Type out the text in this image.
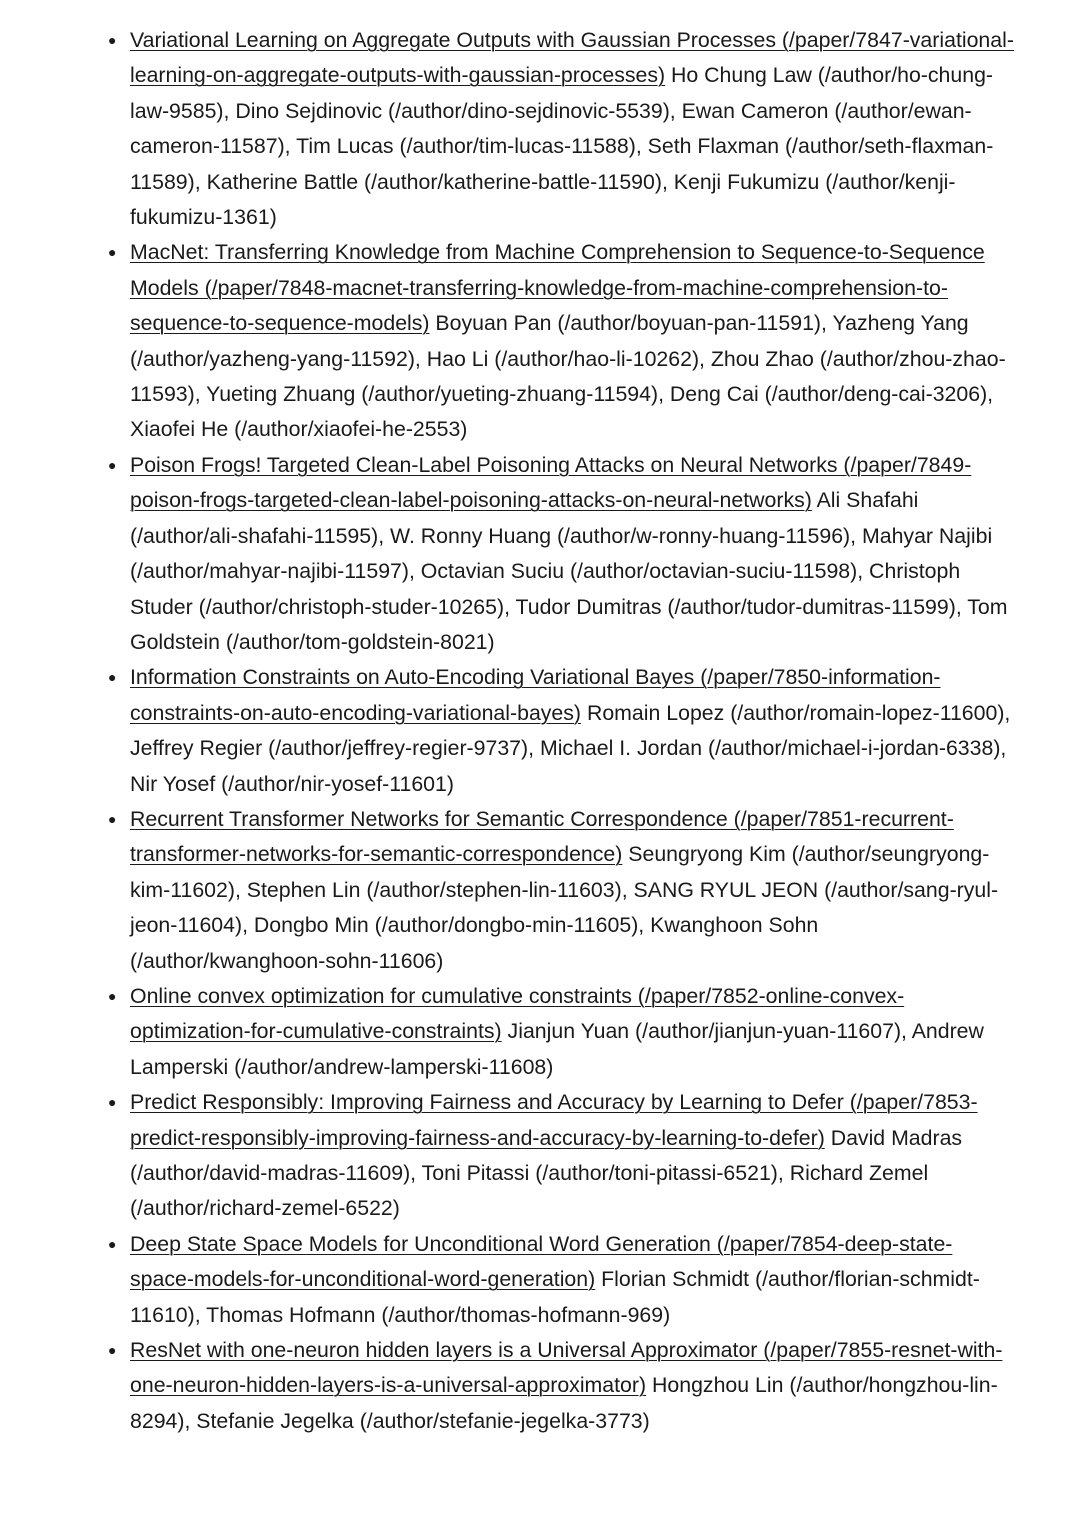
● Variational Learning on Aggregate Outputs with Gaussian Processes (/paper/7847-variational-learning-on-aggregate-outputs-with-gaussian-processes) Ho Chung Law (/author/ho-chung-law-9585), Dino Sejdinovic (/author/dino-sejdinovic-5539), Ewan Cameron (/author/ewan-cameron-11587), Tim Lucas (/author/tim-lucas-11588), Seth Flaxman (/author/seth-flaxman-11589), Katherine Battle (/author/katherine-battle-11590), Kenji Fukumizu (/author/kenji-fukumizu-1361)
● MacNet: Transferring Knowledge from Machine Comprehension to Sequence-to-Sequence Models (/paper/7848-macnet-transferring-knowledge-from-machine-comprehension-to-sequence-to-sequence-models) Boyuan Pan (/author/boyuan-pan-11591), Yazheng Yang (/author/yazheng-yang-11592), Hao Li (/author/hao-li-10262), Zhou Zhao (/author/zhou-zhao-11593), Yueting Zhuang (/author/yueting-zhuang-11594), Deng Cai (/author/deng-cai-3206), Xiaofei He (/author/xiaofei-he-2553)
● Poison Frogs! Targeted Clean-Label Poisoning Attacks on Neural Networks (/paper/7849-poison-frogs-targeted-clean-label-poisoning-attacks-on-neural-networks) Ali Shafahi (/author/ali-shafahi-11595), W. Ronny Huang (/author/w-ronny-huang-11596), Mahyar Najibi (/author/mahyar-najibi-11597), Octavian Suciu (/author/octavian-suciu-11598), Christoph Studer (/author/christoph-studer-10265), Tudor Dumitras (/author/tudor-dumitras-11599), Tom Goldstein (/author/tom-goldstein-8021)
● Information Constraints on Auto-Encoding Variational Bayes (/paper/7850-information-constraints-on-auto-encoding-variational-bayes) Romain Lopez (/author/romain-lopez-11600), Jeffrey Regier (/author/jeffrey-regier-9737), Michael I. Jordan (/author/michael-i-jordan-6338), Nir Yosef (/author/nir-yosef-11601)
● Recurrent Transformer Networks for Semantic Correspondence (/paper/7851-recurrent-transformer-networks-for-semantic-correspondence) Seungryong Kim (/author/seungryong-kim-11602), Stephen Lin (/author/stephen-lin-11603), SANG RYUL JEON (/author/sang-ryul-jeon-11604), Dongbo Min (/author/dongbo-min-11605), Kwanghoon Sohn (/author/kwanghoon-sohn-11606)
● Online convex optimization for cumulative constraints (/paper/7852-online-convex-optimization-for-cumulative-constraints) Jianjun Yuan (/author/jianjun-yuan-11607), Andrew Lamperski (/author/andrew-lamperski-11608)
● Predict Responsibly: Improving Fairness and Accuracy by Learning to Defer (/paper/7853-predict-responsibly-improving-fairness-and-accuracy-by-learning-to-defer) David Madras (/author/david-madras-11609), Toni Pitassi (/author/toni-pitassi-6521), Richard Zemel (/author/richard-zemel-6522)
● Deep State Space Models for Unconditional Word Generation (/paper/7854-deep-state-space-models-for-unconditional-word-generation) Florian Schmidt (/author/florian-schmidt-11610), Thomas Hofmann (/author/thomas-hofmann-969)
● ResNet with one-neuron hidden layers is a Universal Approximator (/paper/7855-resnet-with-one-neuron-hidden-layers-is-a-universal-approximator) Hongzhou Lin (/author/hongzhou-lin-8294), Stefanie Jegelka (/author/stefanie-jegelka-3773)
